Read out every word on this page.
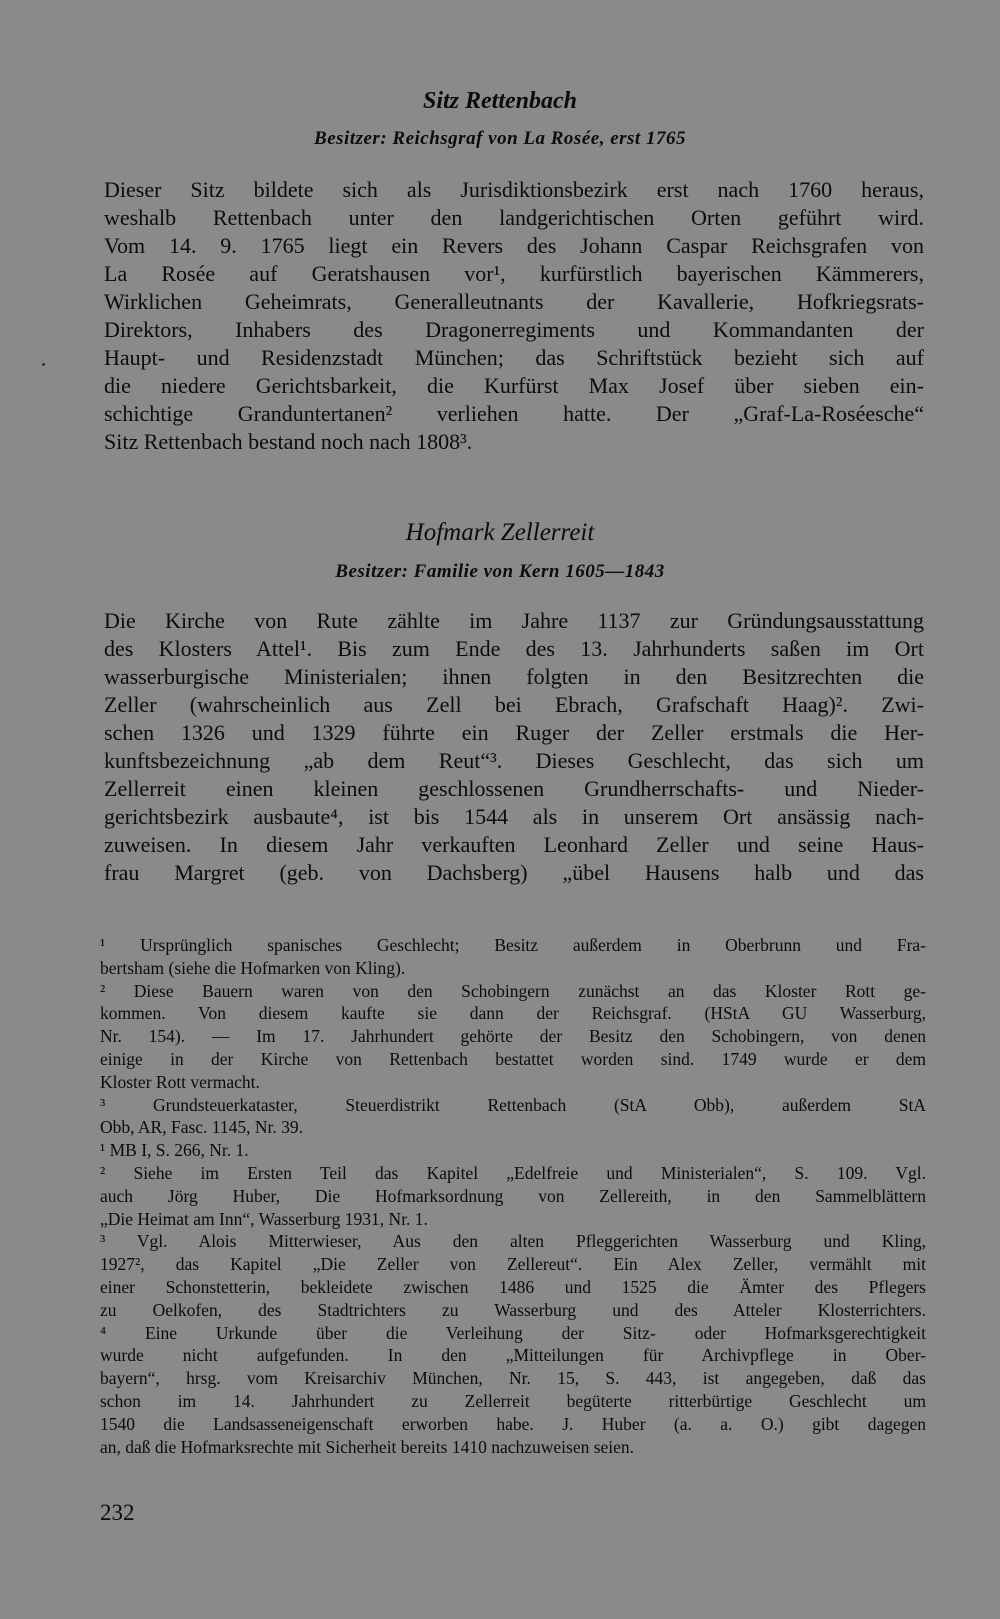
Sitz Rettenbach
Besitzer: Reichsgraf von La Rosée, erst 1765
Dieser Sitz bildete sich als Jurisdiktionsbezirk erst nach 1760 heraus,
weshalb Rettenbach unter den landgerichtischen Orten geführt wird.
Vom 14. 9. 1765 liegt ein Revers des Johann Caspar Reichsgrafen von
La Rosée auf Geratshausen vor¹, kurfürstlich bayerischen Kämmerers,
Wirklichen Geheimrats, Generalleutnants der Kavallerie, Hofkriegsrats-
Direktors, Inhabers des Dragonerregiments und Kommandanten der
Haupt- und Residenzstadt München; das Schriftstück bezieht sich auf
die niedere Gerichtsbarkeit, die Kurfürst Max Josef über sieben ein-
schichtige Granduntertanen² verliehen hatte. Der „Graf-La-Roséesche“
Sitz Rettenbach bestand noch nach 1808³.
Hofmark Zellerreit
Besitzer: Familie von Kern 1605—1843
Die Kirche von Rute zählte im Jahre 1137 zur Gründungsausstattung
des Klosters Attel¹. Bis zum Ende des 13. Jahrhunderts saßen im Ort
wasserburgische Ministerialen; ihnen folgten in den Besitzrechten die
Zeller (wahrscheinlich aus Zell bei Ebrach, Grafschaft Haag)². Zwi-
schen 1326 und 1329 führte ein Ruger der Zeller erstmals die Her-
kunftsbezeichnung „ab dem Reut“³. Dieses Geschlecht, das sich um
Zellerreit einen kleinen geschlossenen Grundherrschafts- und Nieder-
gerichtsbezirk ausbaute⁴, ist bis 1544 als in unserem Ort ansässig nach-
zuweisen. In diesem Jahr verkauften Leonhard Zeller und seine Haus-
frau Margret (geb. von Dachsberg) „übel Hausens halb und das
¹ Ursprünglich spanisches Geschlecht; Besitz außerdem in Oberbrunn und Fra-
bertsham (siehe die Hofmarken von Kling).
² Diese Bauern waren von den Schobingern zunächst an das Kloster Rott ge-
kommen. Von diesem kaufte sie dann der Reichsgraf. (HStA GU Wasserburg,
Nr. 154). — Im 17. Jahrhundert gehörte der Besitz den Schobingern, von denen
einige in der Kirche von Rettenbach bestattet worden sind. 1749 wurde er dem
Kloster Rott vermacht.
³ Grundsteuerkataster, Steuerdistrikt Rettenbach (StA Obb), außerdem StA
Obb, AR, Fasc. 1145, Nr. 39.
¹ MB I, S. 266, Nr. 1.
² Siehe im Ersten Teil das Kapitel „Edelfreie und Ministerialen“, S. 109. Vgl.
auch Jörg Huber, Die Hofmarksordnung von Zellereith, in den Sammelblättern
„Die Heimat am Inn“, Wasserburg 1931, Nr. 1.
³ Vgl. Alois Mitterwieser, Aus den alten Pfleggerichten Wasserburg und Kling,
1927², das Kapitel „Die Zeller von Zellereut“. Ein Alex Zeller, vermählt mit
einer Schonstetterin, bekleidete zwischen 1486 und 1525 die Ämter des Pflegers
zu Oelkofen, des Stadtrichters zu Wasserburg und des Atteler Klosterrichters.
⁴ Eine Urkunde über die Verleihung der Sitz- oder Hofmarksgerechtigkeit
wurde nicht aufgefunden. In den „Mitteilungen für Archivpflege in Ober-
bayern“, hrsg. vom Kreisarchiv München, Nr. 15, S. 443, ist angegeben, daß das
schon im 14. Jahrhundert zu Zellerreit begüterte ritterbürtige Geschlecht um
1540 die Landsasseneigenschaft erworben habe. J. Huber (a. a. O.) gibt dagegen
an, daß die Hofmarksrechte mit Sicherheit bereits 1410 nachzuweisen seien.
232
